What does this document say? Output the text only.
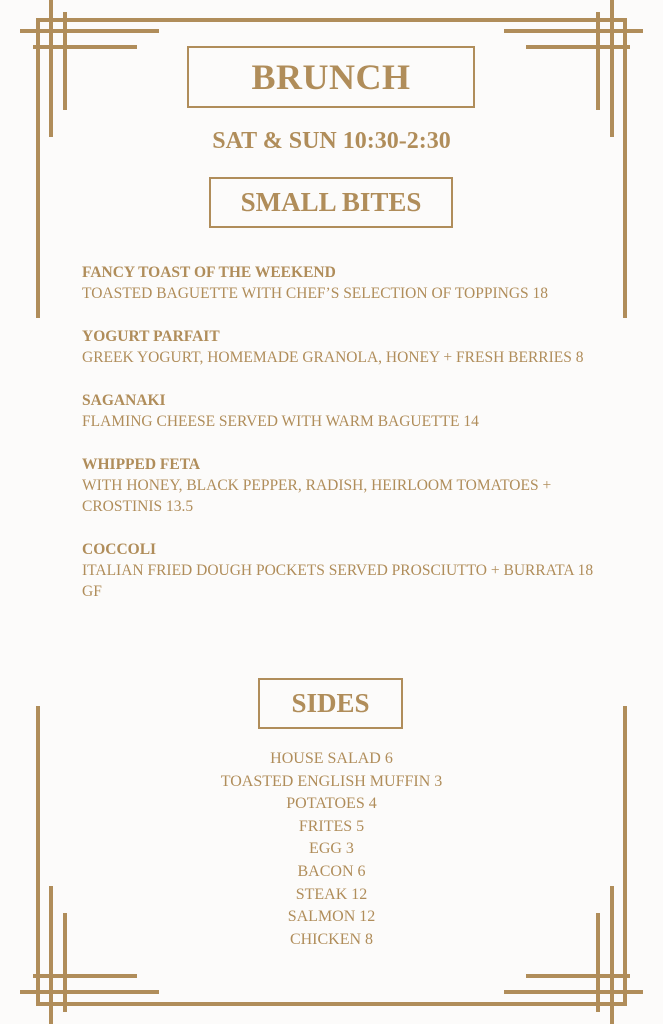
BRUNCH
SAT & SUN 10:30-2:30
SMALL BITES
FANCY TOAST OF THE WEEKEND
TOASTED BAGUETTE WITH CHEF’S SELECTION OF TOPPINGS 18
YOGURT PARFAIT
GREEK YOGURT, HOMEMADE GRANOLA, HONEY + FRESH BERRIES 8
SAGANAKI
FLAMING CHEESE SERVED WITH WARM BAGUETTE 14
WHIPPED FETA
WITH HONEY, BLACK PEPPER, RADISH, HEIRLOOM TOMATOES + CROSTINIS 13.5
COCCOLI
ITALIAN FRIED DOUGH POCKETS SERVED PROSCIUTTO + BURRATA 18 GF
SIDES
HOUSE SALAD 6
TOASTED ENGLISH MUFFIN 3
POTATOES 4
FRITES 5
EGG 3
BACON 6
STEAK 12
SALMON 12
CHICKEN 8
